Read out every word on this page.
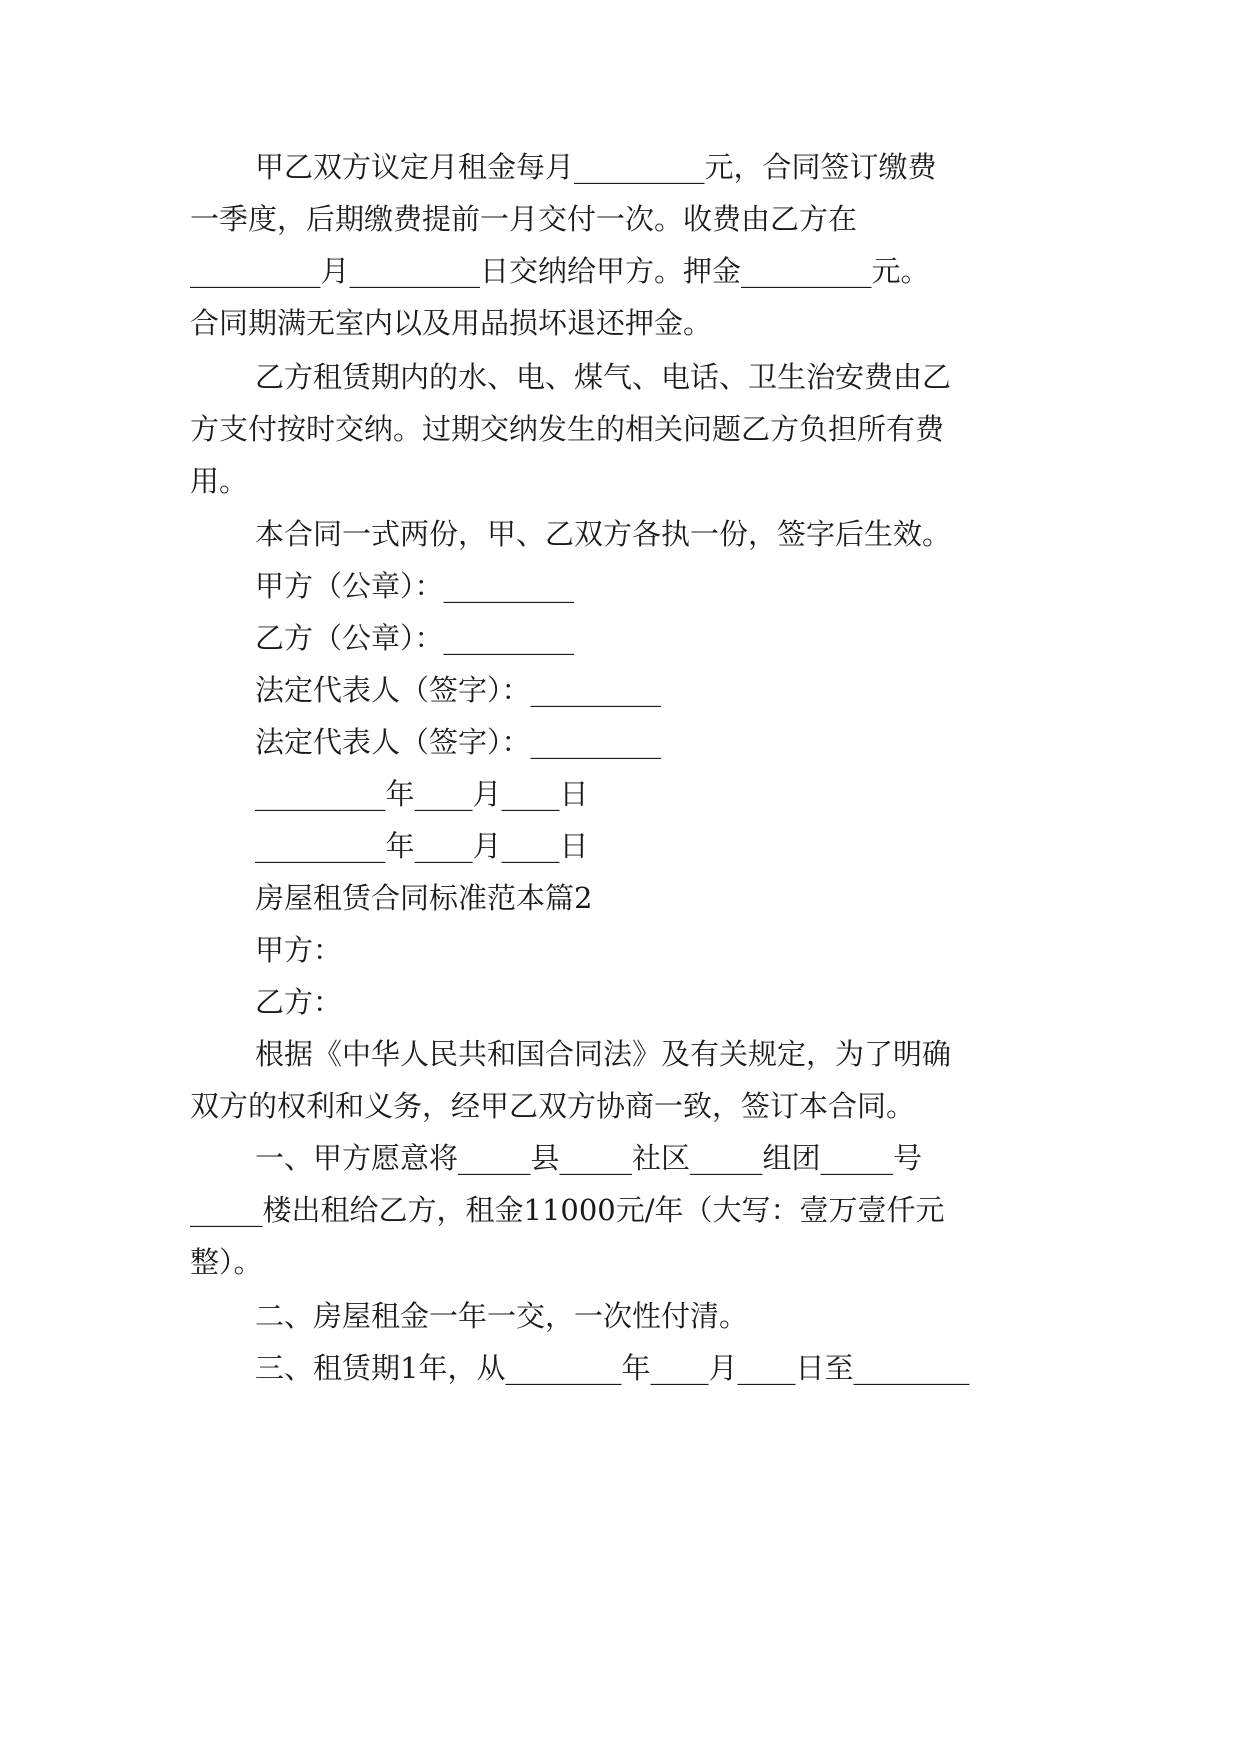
甲乙双方议定月租金每月_________元，合同签订缴费
一季度，后期缴费提前一月交付一次。收费由乙方在
_________月_________日交纳给甲方。押金_________元。
合同期满无室内以及用品损坏退还押金。
乙方租赁期内的水、电、煤气、电话、卫生治安费由乙
方支付按时交纳。过期交纳发生的相关问题乙方负担所有费
用。
本合同一式两份，甲、乙双方各执一份，签字后生效。
甲方（公章）：_________
乙方（公章）：_________
法定代表人（签字）：_________
法定代表人（签字）：_________
_________年____月____日
_________年____月____日
房屋租赁合同标准范本篇2
甲方：
乙方：
根据《中华人民共和国合同法》及有关规定，为了明确
双方的权利和义务，经甲乙双方协商一致，签订本合同。
一、甲方愿意将_____县_____社区_____组团_____号
_____楼出租给乙方，租金11000元/年（大写：壹万壹仟元
整）。
二、房屋租金一年一交，一次性付清。
三、租赁期1年，从________年____月____日至________
